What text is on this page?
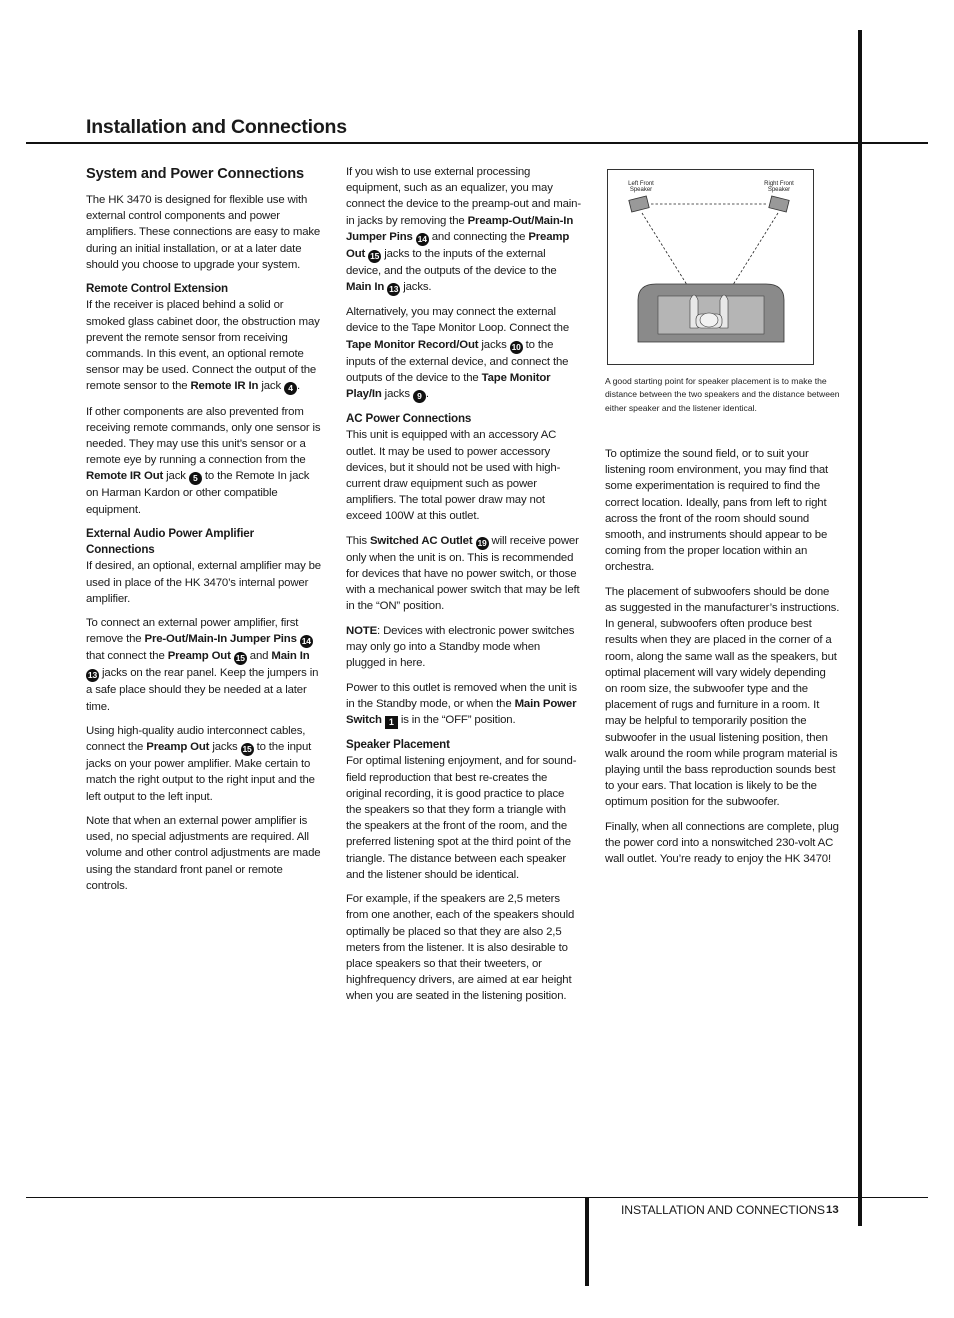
Installation and Connections
System and Power Connections

The HK 3470 is designed for flexible use with external control components and power amplifiers. These connections are easy to make during an initial installation, or at a later date should you choose to upgrade your system.

Remote Control Extension

If the receiver is placed behind a solid or smoked glass cabinet door, the obstruction may prevent the remote sensor from receiving commands. In this event, an optional remote sensor may be used. Connect the output of the remote sensor to the Remote IR In jack 4 .

If other components are also prevented from receiving remote commands, only one sensor is needed. They may use this unit’s sensor or a remote eye by running a connection from the Remote IR Out jack 5 to the Remote In jack on Harman Kardon or other compatible equipment.

External Audio Power Amplifier Connections

If desired, an optional, external amplifier may be used in place of the HK 3470’s internal power amplifier.

To connect an external power amplifier, first remove the Pre-Out/Main-In Jumper Pins 14 that connect the Preamp Out 15 and Main In 13 jacks on the rear panel. Keep the jumpers in a safe place should they be needed at a later time.

Using high-quality audio interconnect cables, connect the Preamp Out jacks 15 to the input jacks on your power amplifier. Make certain to match the right output to the right input and the left output to the left input.

Note that when an external power amplifier is used, no special adjustments are required. All volume and other control adjustments are made using the standard front panel or remote controls.

If you wish to use external processing equipment, such as an equalizer, you may connect the device to the preamp-out and main-in jacks by removing the Preamp-Out/Main-In Jumper Pins 14 and connecting the Preamp Out 15 jacks to the inputs of the external device, and the outputs of the device to the Main In 13 jacks.

Alternatively, you may connect the external device to the Tape Monitor Loop. Connect the Tape Monitor Record/Out jacks 10 to the inputs of the external device, and connect the outputs of the device to the Tape Monitor Play/In jacks 9 .

AC Power Connections

This unit is equipped with an accessory AC outlet. It may be used to power accessory devices, but it should not be used with high-current draw equipment such as power amplifiers. The total power draw may not exceed 100W at this outlet.

This Switched AC Outlet 19 will receive power only when the unit is on. This is recommended for devices that have no power switch, or those with a mechanical power switch that may be left in the “ON” position.

NOTE: Devices with electronic power switches may only go into a Standby mode when plugged in here.

Power to this outlet is removed when the unit is in the Standby mode, or when the Main Power Switch 1 is in the “OFF” position.

Speaker Placement

For optimal listening enjoyment, and for sound-field reproduction that best re-creates the original recording, it is good practice to place the speakers so that they form a triangle with the speakers at the front of the room, and the preferred listening spot at the third point of the triangle. The distance between each speaker and the listener should be identical.

For example, if the speakers are 2,5 meters from one another, each of the speakers should optimally be placed so that they are also 2,5 meters from the listener. It is also desirable to place speakers so that their tweeters, or highfrequency drivers, are aimed at ear height when you are seated in the listening position.

Left Front
Speaker
Right Front
Speaker

A good starting point for speaker placement is to make the distance between the two speakers and the distance between either speaker and the listener identical.

To optimize the sound field, or to suit your listening room environment, you may find that some experimentation is required to find the correct location. Ideally, pans from left to right across the front of the room should sound smooth, and instruments should appear to be coming from the proper location within an orchestra.

The placement of subwoofers should be done as suggested in the manufacturer’s instructions. In general, subwoofers often produce best results when they are placed in the corner of a room, along the same wall as the speakers, but optimal placement will vary widely depending on room size, the subwoofer type and the placement of rugs and furniture in a room. It may be helpful to temporarily position the subwoofer in the usual listening position, then walk around the room while program material is playing until the bass reproduction sounds best to your ears. That location is likely to be the optimum position for the subwoofer.

Finally, when all connections are complete, plug the power cord into a nonswitched 230-volt AC wall outlet. You’re ready to enjoy the HK 3470!

INSTALLATION AND CONNECTIONS 13
